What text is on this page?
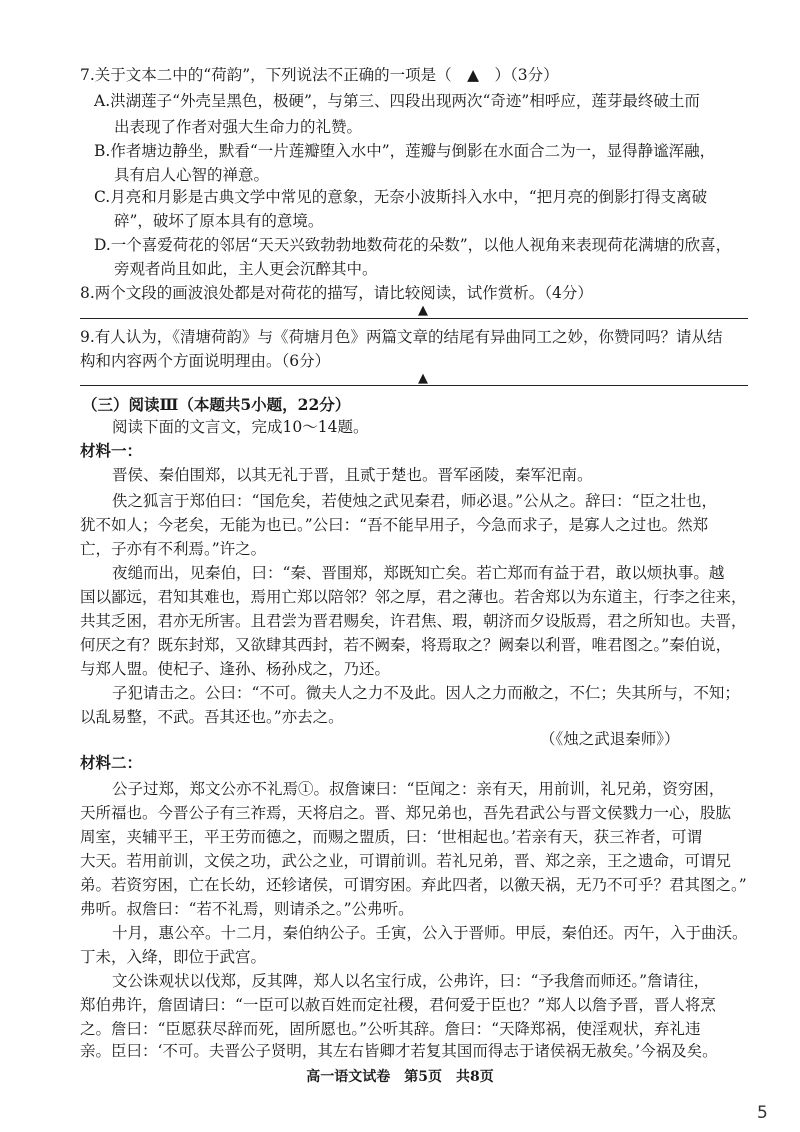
7.关于文本二中的“荷韵”，下列说法不正确的一项是（　▲　）（3分）
A.洪湖莲子“外壳呈黑色，极硬”，与第三、四段出现两次“奇迹”相呼应，莲芽最终破土而
出表现了作者对强大生命力的礼赞。
B.作者塘边静坐，默看“一片莲瓣堕入水中”，莲瓣与倒影在水面合二为一，显得静谧浑融，
具有启人心智的禅意。
C.月亮和月影是古典文学中常见的意象，无奈小波斯抖入水中，“把月亮的倒影打得支离破
碎”，破坏了原本具有的意境。
D.一个喜爱荷花的邻居“天天兴致勃勃地数荷花的朵数”，以他人视角来表现荷花满塘的欣喜，
旁观者尚且如此，主人更会沉醉其中。
8.两个文段的画波浪处都是对荷花的描写，请比较阅读，试作赏析。（4分）
▲
9.有人认为，《清塘荷韵》与《荷塘月色》两篇文章的结尾有异曲同工之妙，你赞同吗？请从结
构和内容两个方面说明理由。（6分）
▲
（三）阅读Ⅲ（本题共5小题，22分）
阅读下面的文言文，完成10～14题。
材料一：
晋侯、秦伯围郑，以其无礼于晋，且贰于楚也。晋军函陵，秦军汜南。
佚之狐言于郑伯曰：“国危矣，若使烛之武见秦君，师必退。”公从之。辞曰：“臣之壮也，
犹不如人；今老矣，无能为也已。”公曰：“吾不能早用子，今急而求子，是寡人之过也。然郑
亡，子亦有不利焉。”许之。
夜缒而出，见秦伯，曰：“秦、晋围郑，郑既知亡矣。若亡郑而有益于君，敢以烦执事。越
国以鄙远，君知其难也，焉用亡郑以陪邻？邻之厚，君之薄也。若舍郑以为东道主，行李之往来，
共其乏困，君亦无所害。且君尝为晋君赐矣，许君焦、瑕，朝济而夕设版焉，君之所知也。夫晋，
何厌之有？既东封郑，又欲肆其西封，若不阙秦，将焉取之？阙秦以利晋，唯君图之。”秦伯说，
与郑人盟。使杞子、逢孙、杨孙戍之，乃还。
子犯请击之。公曰：“不可。微夫人之力不及此。因人之力而敝之，不仁；失其所与，不知；
以乱易整，不武。吾其还也。”亦去之。
（《烛之武退秦师》）
材料二：
公子过郑，郑文公亦不礼焉①。叔詹谏曰：“臣闻之：亲有天，用前训，礼兄弟，资穷困，
天所福也。今晋公子有三祚焉，天将启之。晋、郑兄弟也，吾先君武公与晋文侯戮力一心，股肱
周室，夹辅平王，平王劳而德之，而赐之盟质，曰：‘世相起也。’若亲有天，获三祚者，可谓
大天。若用前训，文侯之功，武公之业，可谓前训。若礼兄弟，晋、郑之亲，王之遗命，可谓兄
弟。若资穷困，亡在长幼，还轸诸侯，可谓穷困。弃此四者，以徼天祸，无乃不可乎？君其图之。”
弗听。叔詹曰：“若不礼焉，则请杀之。”公弗听。
十月，惠公卒。十二月，秦伯纳公子。壬寅，公入于晋师。甲辰，秦伯还。丙午，入于曲沃。
丁未，入绛，即位于武宫。
文公诛观状以伐郑，反其陴，郑人以名宝行成，公弗许，曰：“予我詹而师还。”詹请往，
郑伯弗许，詹固请曰：“一臣可以赦百姓而定社稷，君何爱于臣也？”郑人以詹予晋，晋人将烹
之。詹曰：“臣愿获尽辞而死，固所愿也。”公听其辞。詹曰：“天降郑祸，使淫观状，弃礼违
亲。臣曰：‘不可。夫晋公子贤明，其左右皆卿才若复其国而得志于诸侯祸无赦矣。’今祸及矣。
高一语文试卷　第5页　共8页
5
